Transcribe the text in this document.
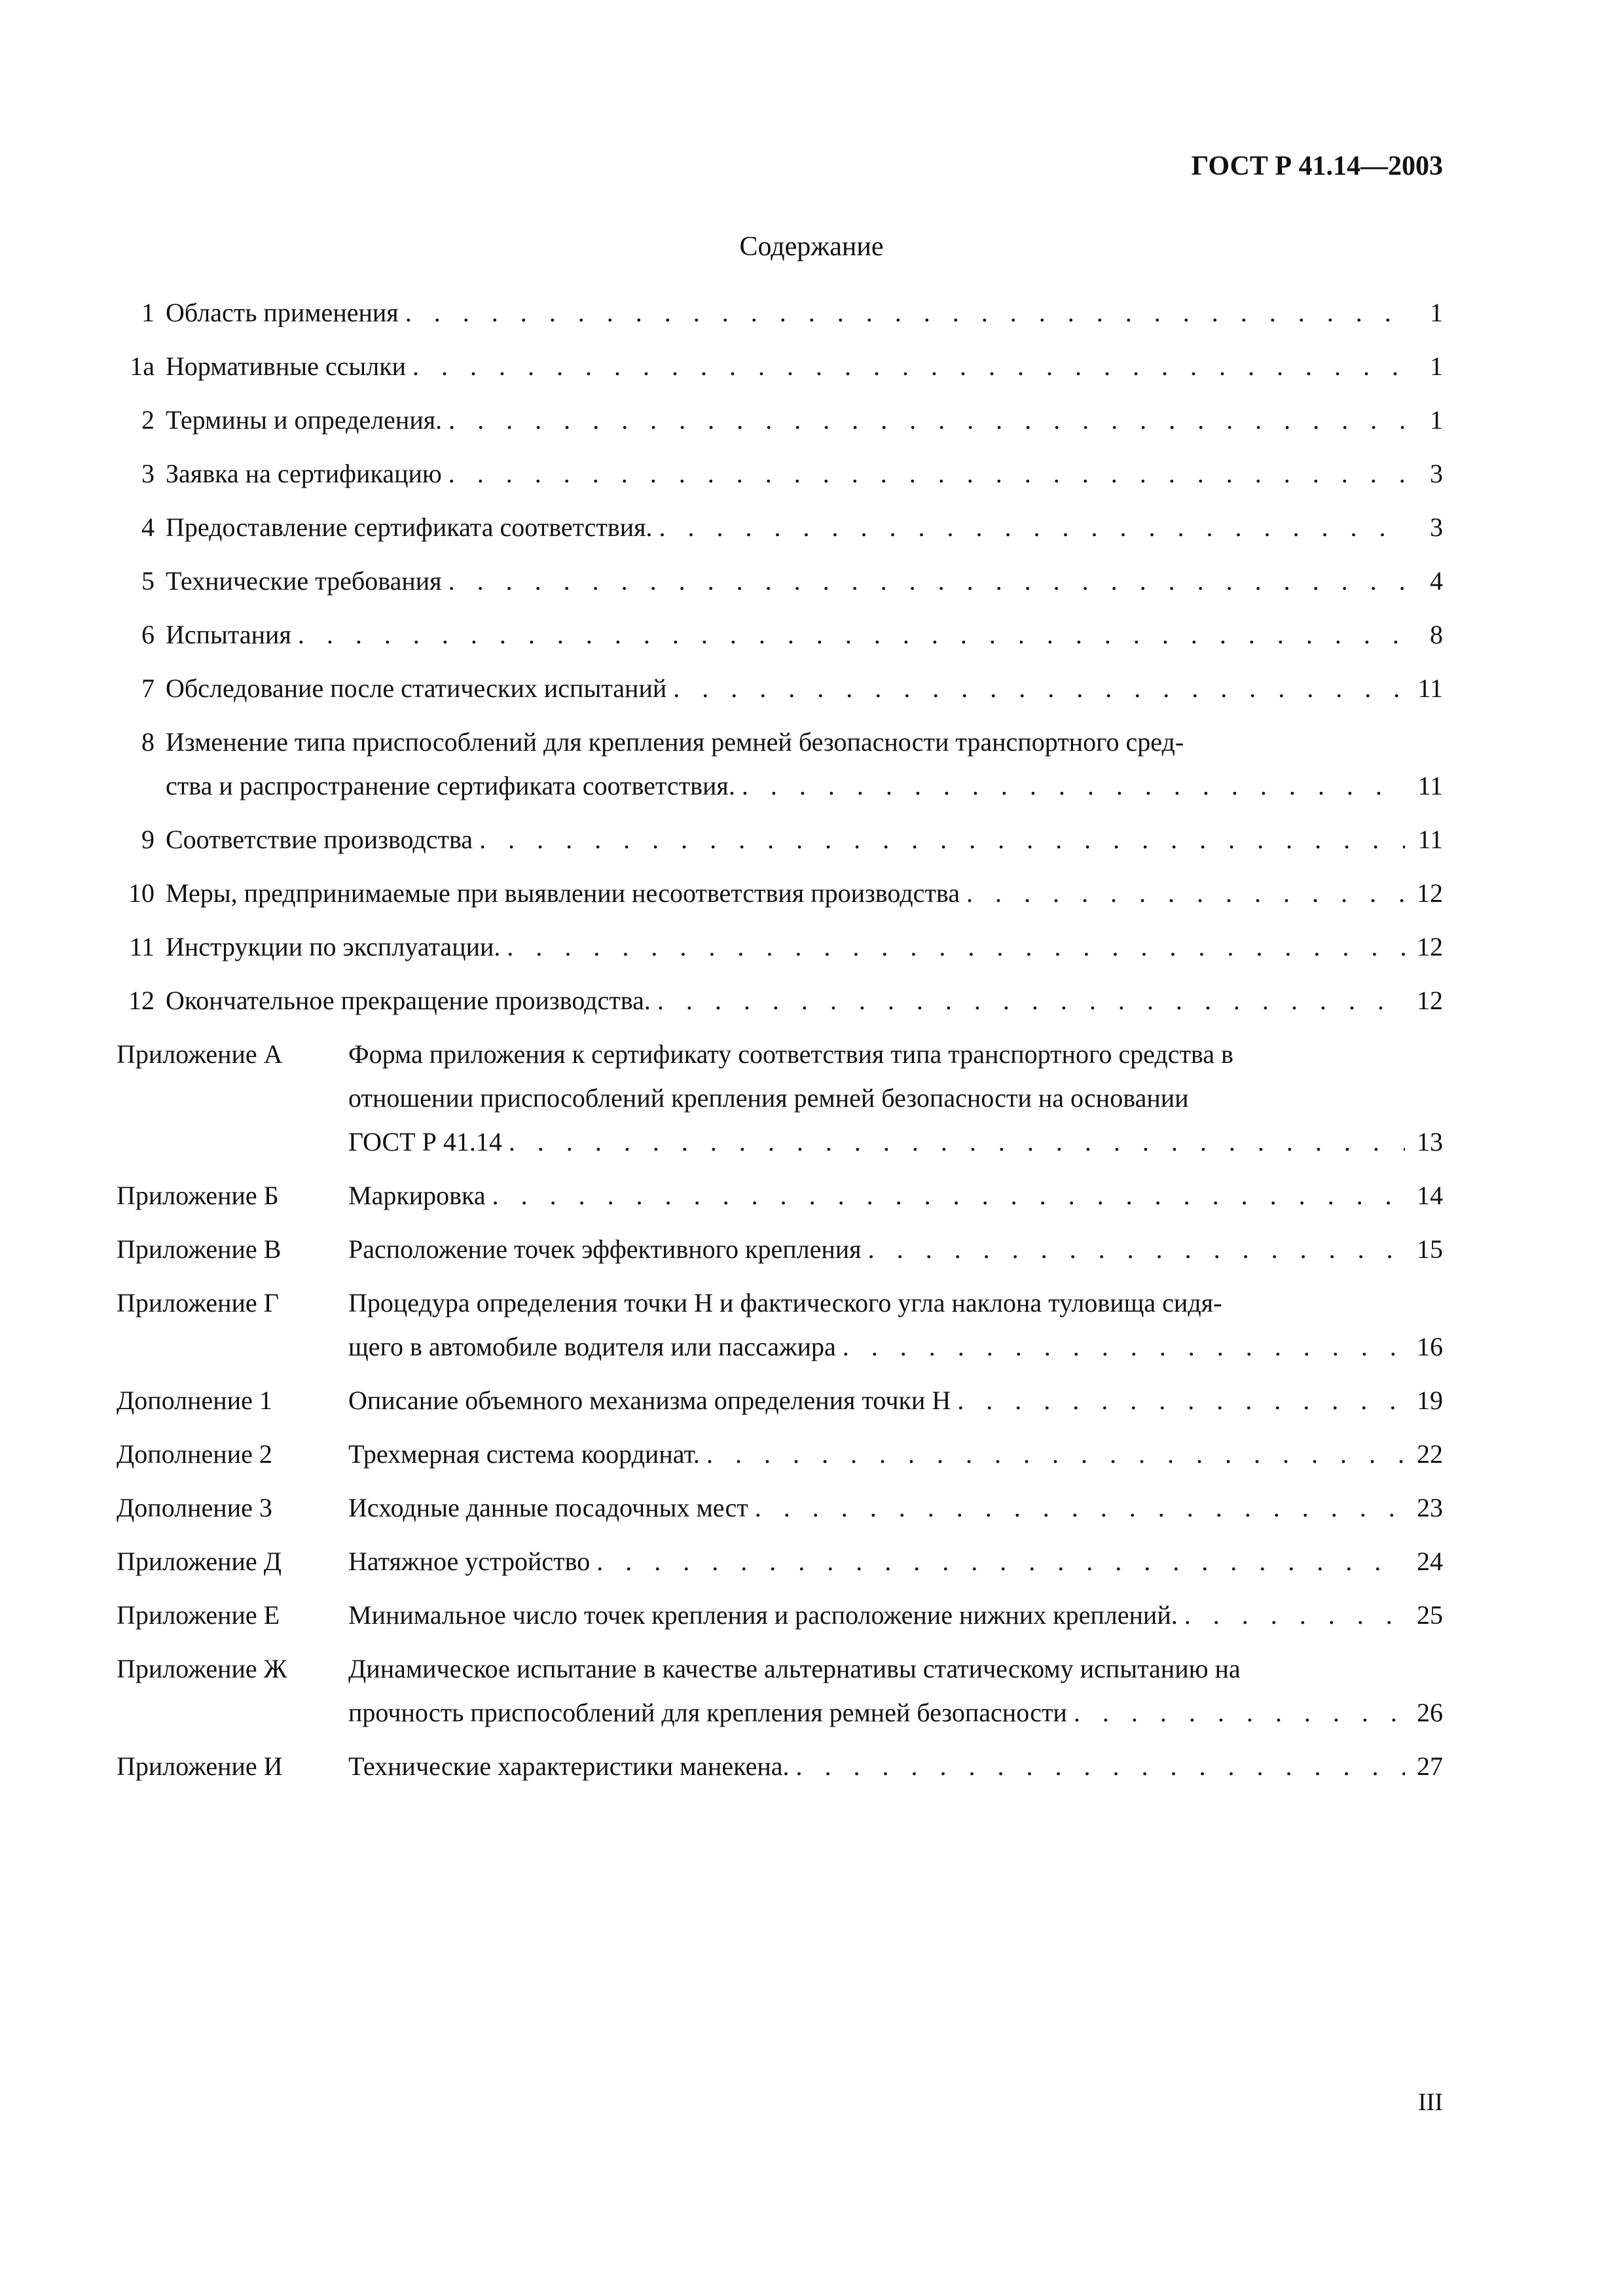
ГОСТ Р 41.14—2003
Содержание
1 Область применения . . .	1
1а Нормативные ссылки . . .	1
2 Термины и определения. . . .	1
3 Заявка на сертификацию . . .	3
4 Предоставление сертификата соответствия. . . .	3
5 Технические требования . . .	4
6 Испытания . . .	8
7 Обследование после статических испытаний . . .	11
8 Изменение типа приспособлений для крепления ремней безопасности транспортного сред-
ства и распространение сертификата соответствия. . . .	11
9 Соответствие производства . . .	11
10 Меры, предпринимаемые при выявлении несоответствия производства . . .	12
11 Инструкции по эксплуатации. . . .	12
12 Окончательное прекращение производства. . . .	12
Приложение А	Форма приложения к сертификату соответствия типа транспортного средства в
отношении приспособлений крепления ремней безопасности на основании
ГОСТ Р 41.14 . . .	13
Приложение Б	Маркировка . . .	14
Приложение В	Расположение точек эффективного крепления . . .	15
Приложение Г	Процедура определения точки H и фактического угла наклона туловища сидя-
щего в автомобиле водителя или пассажира . . .	16
Дополнение 1	Описание объемного механизма определения точки H . . .	19
Дополнение 2	Трехмерная система координат. . . .	22
Дополнение 3	Исходные данные посадочных мест . . .	23
Приложение Д	Натяжное устройство . . .	24
Приложение Е	Минимальное число точек крепления и расположение нижних креплений. . . .	25
Приложение Ж	Динамическое испытание в качестве альтернативы статическому испытанию на
прочность приспособлений для крепления ремней безопасности . . .	26
Приложение И	Технические характеристики манекена. . . .	27
III
